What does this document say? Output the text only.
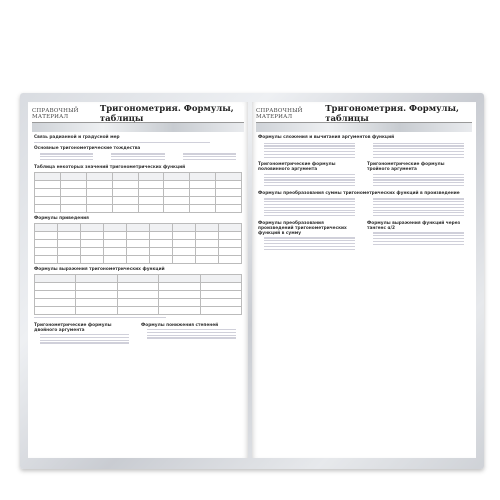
СПРАВОЧНЫЙ МАТЕРИАЛ
Тригонометрия. Формулы, таблицы
Связь радианной и градусной мер
Основные тригонометрические тождества
Таблица некоторых значений тригонометрических функций

Формулы приведения

Формулы выражения тригонометрических функций

Тригонометрические формулы двойного аргумента
Формулы понижения степеней
СПРАВОЧНЫЙ МАТЕРИАЛ
Тригонометрия. Формулы, таблицы
Формулы сложения и вычитания аргументов функций
Тригонометрические формулы половинного аргумента
Тригонометрические формулы тройного аргумента
Формулы преобразования суммы тригонометрических функций в произведение
Формулы преобразования произведений тригонометрических функций в сумму
Формулы выражения функций через тангенс α/2
